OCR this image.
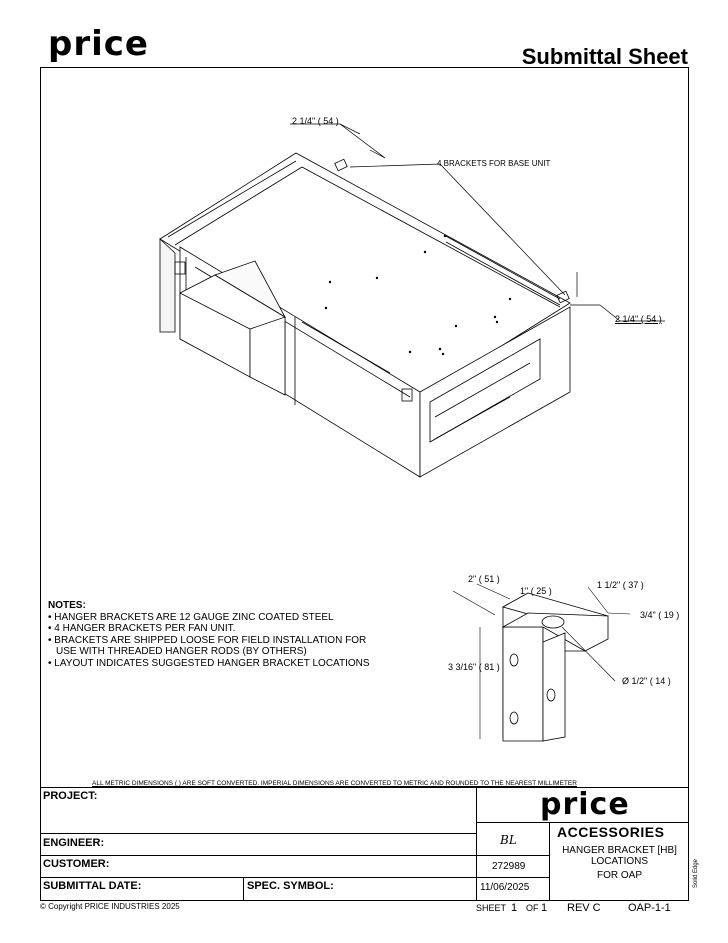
price	Submittal Sheet
2 1/4" ( 54 )
4 BRACKETS FOR BASE UNIT
2 1/4" ( 54 )
2" ( 51 )
1" ( 25 )
1 1/2" ( 37 )
3/4" ( 19 )
3 3/16" ( 81 )
Ø 1/2" ( 14 )
NOTES:
• HANGER BRACKETS ARE 12 GAUGE ZINC COATED STEEL
• 4 HANGER BRACKETS PER FAN UNIT.
• BRACKETS ARE SHIPPED LOOSE FOR FIELD INSTALLATION FOR
USE WITH THREADED HANGER RODS (BY OTHERS)
• LAYOUT INDICATES SUGGESTED HANGER BRACKET LOCATIONS
ALL METRIC DIMENSIONS ( ) ARE SOFT CONVERTED. IMPERIAL DIMENSIONS ARE CONVERTED TO METRIC AND ROUNDED TO THE NEAREST MILLIMETER
PROJECT:
ENGINEER:
CUSTOMER:
SUBMITTAL DATE:	SPEC. SYMBOL:
price
BL
272989
11/06/2025
ACCESSORIES
HANGER BRACKET [HB]
LOCATIONS
FOR OAP	Solid Edge
© Copyright PRICE INDUSTRIES 2025	SHEET 1 OF 1 REV C OAP-1-1
